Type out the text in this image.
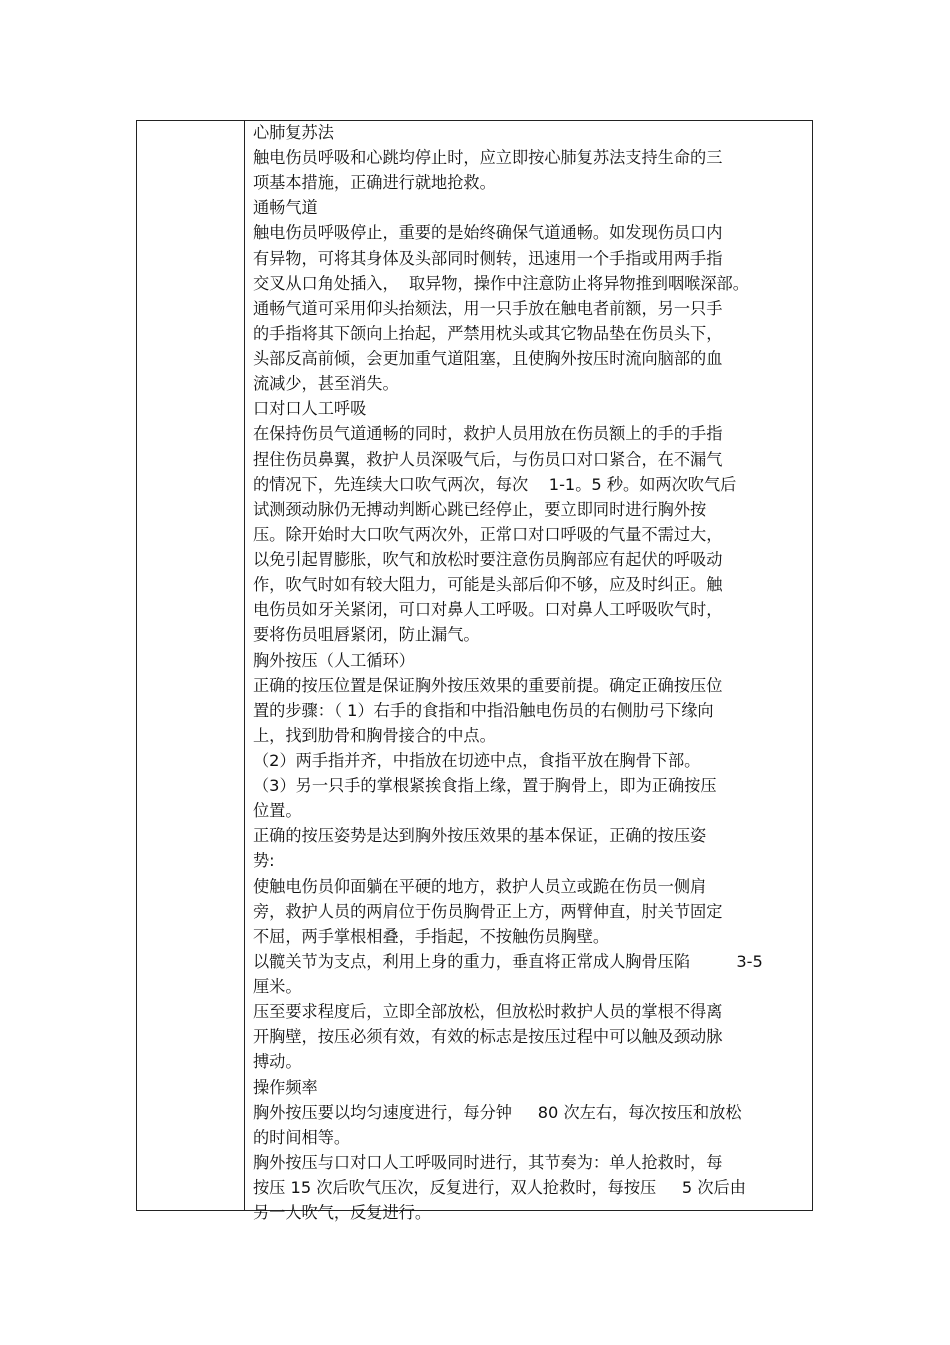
心肺复苏法
触电伤员呼吸和心跳均停止时，应立即按心肺复苏法支持生命的三
项基本措施，正确进行就地抢救。
通畅气道
触电伤员呼吸停止，重要的是始终确保气道通畅。如发现伤员口内
有异物，可将其身体及头部同时侧转，迅速用一个手指或用两手指
交叉从口角处插入，  取异物，操作中注意防止将异物推到咽喉深部。
通畅气道可采用仰头抬颏法，用一只手放在触电者前额，另一只手
的手指将其下颌向上抬起，严禁用枕头或其它物品垫在伤员头下，
头部反高前倾，会更加重气道阻塞，且使胸外按压时流向脑部的血
流减少，甚至消失。
口对口人工呼吸
在保持伤员气道通畅的同时，救护人员用放在伤员额上的手的手指
捏住伤员鼻翼，救护人员深吸气后，与伤员口对口紧合，在不漏气
的情况下，先连续大口吹气两次，每次    1-1。5 秒。如两次吹气后
试测颈动脉仍无搏动判断心跳已经停止，要立即同时进行胸外按
压。除开始时大口吹气两次外，正常口对口呼吸的气量不需过大，
以免引起胃膨胀，吹气和放松时要注意伤员胸部应有起伏的呼吸动
作，吹气时如有较大阻力，可能是头部后仰不够，应及时纠正。触
电伤员如牙关紧闭，可口对鼻人工呼吸。口对鼻人工呼吸吹气时，
要将伤员咀唇紧闭，防止漏气。
胸外按压（人工循环）
正确的按压位置是保证胸外按压效果的重要前提。确定正确按压位
置的步骤：（ 1）右手的食指和中指沿触电伤员的右侧肋弓下缘向
上，找到肋骨和胸骨接合的中点。
（2）两手指并齐，中指放在切迹中点，食指平放在胸骨下部。
（3）另一只手的掌根紧挨食指上缘，置于胸骨上，即为正确按压
位置。
正确的按压姿势是达到胸外按压效果的基本保证，正确的按压姿
势:
使触电伤员仰面躺在平硬的地方，救护人员立或跪在伤员一侧肩
旁，救护人员的两肩位于伤员胸骨正上方，两臂伸直，肘关节固定
不屈，两手掌根相叠，手指起，不按触伤员胸壁。
以髋关节为支点，利用上身的重力，垂直将正常成人胸骨压陷         3-5
厘米。
压至要求程度后，立即全部放松，但放松时救护人员的掌根不得离
开胸壁，按压必须有效，有效的标志是按压过程中可以触及颈动脉
搏动。
操作频率
胸外按压要以均匀速度进行，每分钟     80 次左右，每次按压和放松
的时间相等。
胸外按压与口对口人工呼吸同时进行，其节奏为：单人抢救时，每
按压 15 次后吹气压次，反复进行，双人抢救时，每按压     5 次后由
另一人吹气，反复进行。
